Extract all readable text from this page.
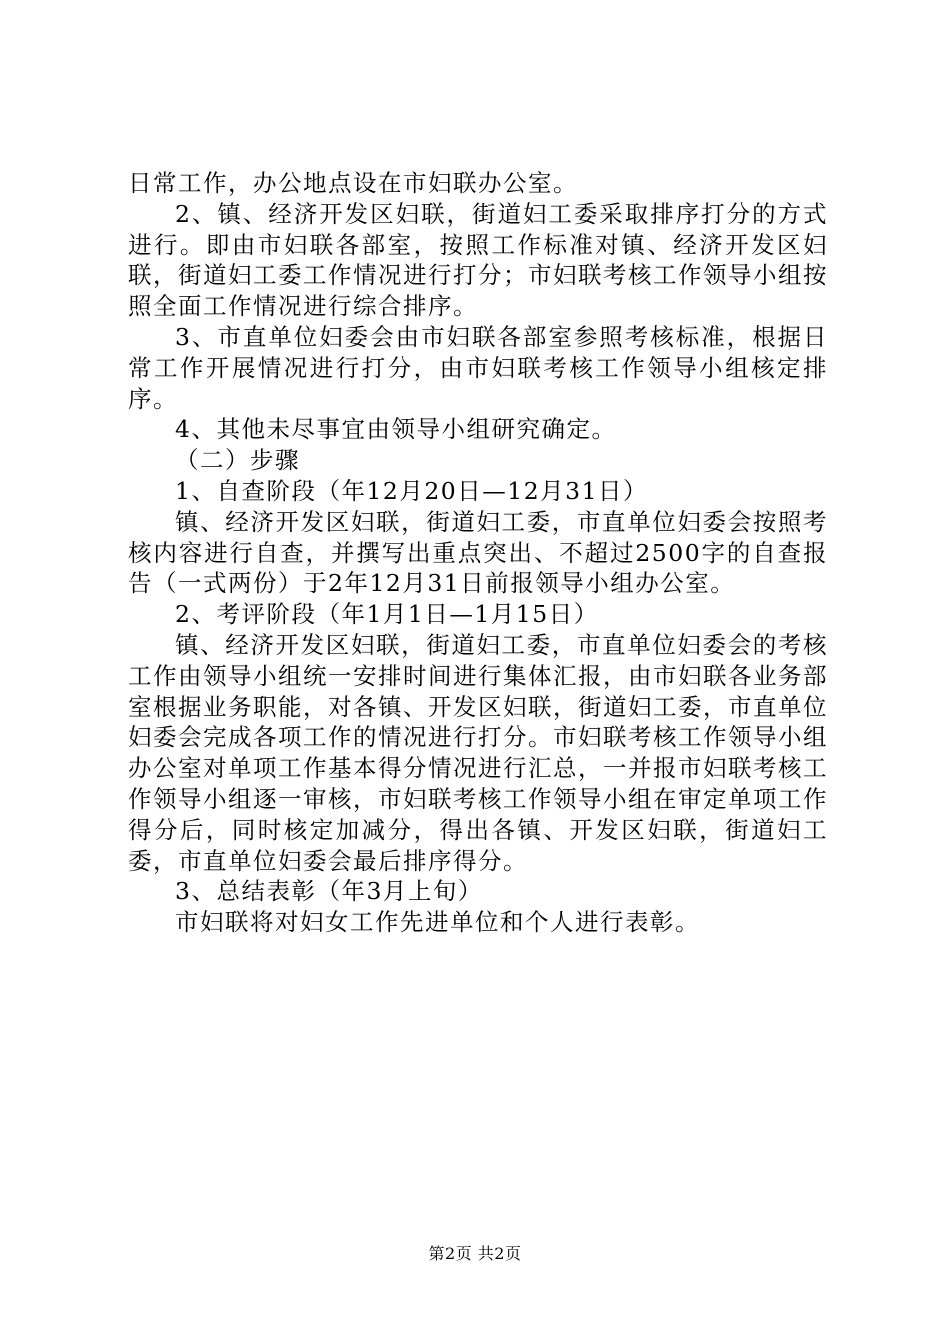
日常工作，办公地点设在市妇联办公室。

2、镇、经济开发区妇联，街道妇工委采取排序打分的方式进行。即由市妇联各部室，按照工作标准对镇、经济开发区妇联，街道妇工委工作情况进行打分；市妇联考核工作领导小组按照全面工作情况进行综合排序。

3、市直单位妇委会由市妇联各部室参照考核标准，根据日常工作开展情况进行打分，由市妇联考核工作领导小组核定排序。

4、其他未尽事宜由领导小组研究确定。

（二）步骤

1、自查阶段（年12月20日—12月31日）

镇、经济开发区妇联，街道妇工委，市直单位妇委会按照考核内容进行自查，并撰写出重点突出、不超过2500字的自查报告（一式两份）于2年12月31日前报领导小组办公室。

2、考评阶段（年1月1日—1月15日）

镇、经济开发区妇联，街道妇工委，市直单位妇委会的考核工作由领导小组统一安排时间进行集体汇报，由市妇联各业务部室根据业务职能，对各镇、开发区妇联，街道妇工委，市直单位妇委会完成各项工作的情况进行打分。市妇联考核工作领导小组办公室对单项工作基本得分情况进行汇总，一并报市妇联考核工作领导小组逐一审核，市妇联考核工作领导小组在审定单项工作得分后，同时核定加减分，得出各镇、开发区妇联，街道妇工委，市直单位妇委会最后排序得分。

3、总结表彰（年3月上旬）

市妇联将对妇女工作先进单位和个人进行表彰。

第2页 共2页
